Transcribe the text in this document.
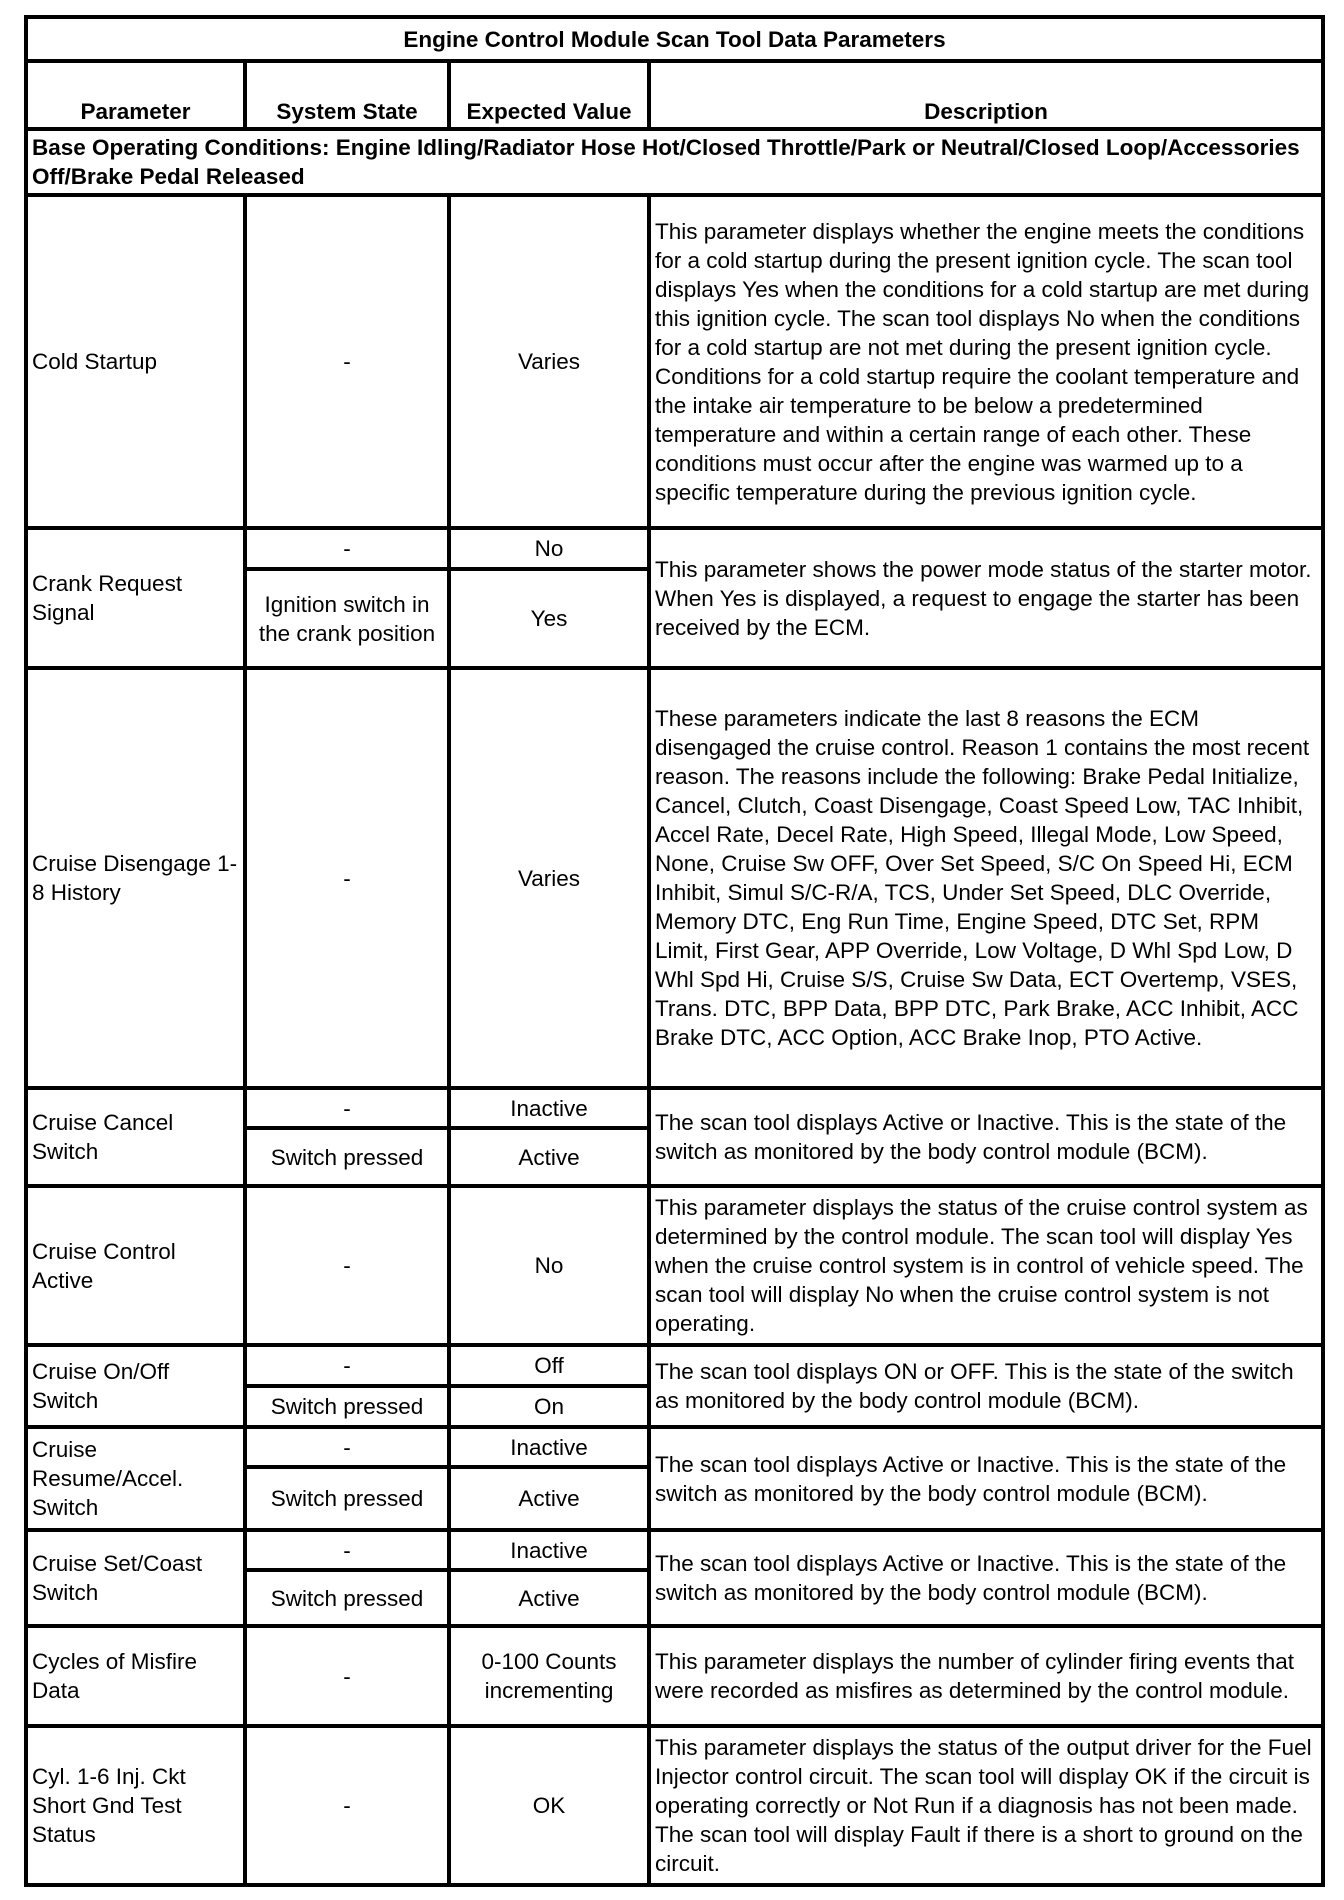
Engine Control Module Scan Tool Data Parameters			
Parameter	System State	Expected Value	Description
Base Operating Conditions: Engine Idling/Radiator Hose Hot/Closed Throttle/Park or Neutral/Closed Loop/Accessories Off/Brake Pedal Released			
Cold Startup	-	Varies	This parameter displays whether the engine meets the conditions for a cold startup during the present ignition cycle. The scan tool displays Yes when the conditions for a cold startup are met during this ignition cycle. The scan tool displays No when the conditions for a cold startup are not met during the present ignition cycle. Conditions for a cold startup require the coolant temperature and the intake air temperature to be below a predetermined temperature and within a certain range of each other. These conditions must occur after the engine was warmed up to a specific temperature during the previous ignition cycle.
Crank Request Signal	-	No	This parameter shows the power mode status of the starter motor. When Yes is displayed, a request to engage the starter has been received by the ECM.
	Ignition switch in the crank position	Yes	
Cruise Disengage 1-8 History	-	Varies	These parameters indicate the last 8 reasons the ECM disengaged the cruise control. Reason 1 contains the most recent reason. The reasons include the following: Brake Pedal Initialize, Cancel, Clutch, Coast Disengage, Coast Speed Low, TAC Inhibit, Accel Rate, Decel Rate, High Speed, Illegal Mode, Low Speed, None, Cruise Sw OFF, Over Set Speed, S/C On Speed Hi, ECM Inhibit, Simul S/C-R/A, TCS, Under Set Speed, DLC Override, Memory DTC, Eng Run Time, Engine Speed, DTC Set, RPM Limit, First Gear, APP Override, Low Voltage, D Whl Spd Low, D Whl Spd Hi, Cruise S/S, Cruise Sw Data, ECT Overtemp, VSES, Trans. DTC, BPP Data, BPP DTC, Park Brake, ACC Inhibit, ACC Brake DTC, ACC Option, ACC Brake Inop, PTO Active.
Cruise Cancel Switch	-	Inactive	The scan tool displays Active or Inactive. This is the state of the switch as monitored by the body control module (BCM).
	Switch pressed	Active	
Cruise Control Active	-	No	This parameter displays the status of the cruise control system as determined by the control module. The scan tool will display Yes when the cruise control system is in control of vehicle speed. The scan tool will display No when the cruise control system is not operating.
Cruise On/Off Switch	-	Off	The scan tool displays ON or OFF. This is the state of the switch as monitored by the body control module (BCM).
	Switch pressed	On	
Cruise Resume/Accel. Switch	-	Inactive	The scan tool displays Active or Inactive. This is the state of the switch as monitored by the body control module (BCM).
	Switch pressed	Active	
Cruise Set/Coast Switch	-	Inactive	The scan tool displays Active or Inactive. This is the state of the switch as monitored by the body control module (BCM).
	Switch pressed	Active	
Cycles of Misfire Data	-	0-100 Counts incrementing	This parameter displays the number of cylinder firing events that were recorded as misfires as determined by the control module.
Cyl. 1-6 Inj. Ckt Short Gnd Test Status	-	OK	This parameter displays the status of the output driver for the Fuel Injector control circuit. The scan tool will display OK if the circuit is operating correctly or Not Run if a diagnosis has not been made. The scan tool will display Fault if there is a short to ground on the circuit.
